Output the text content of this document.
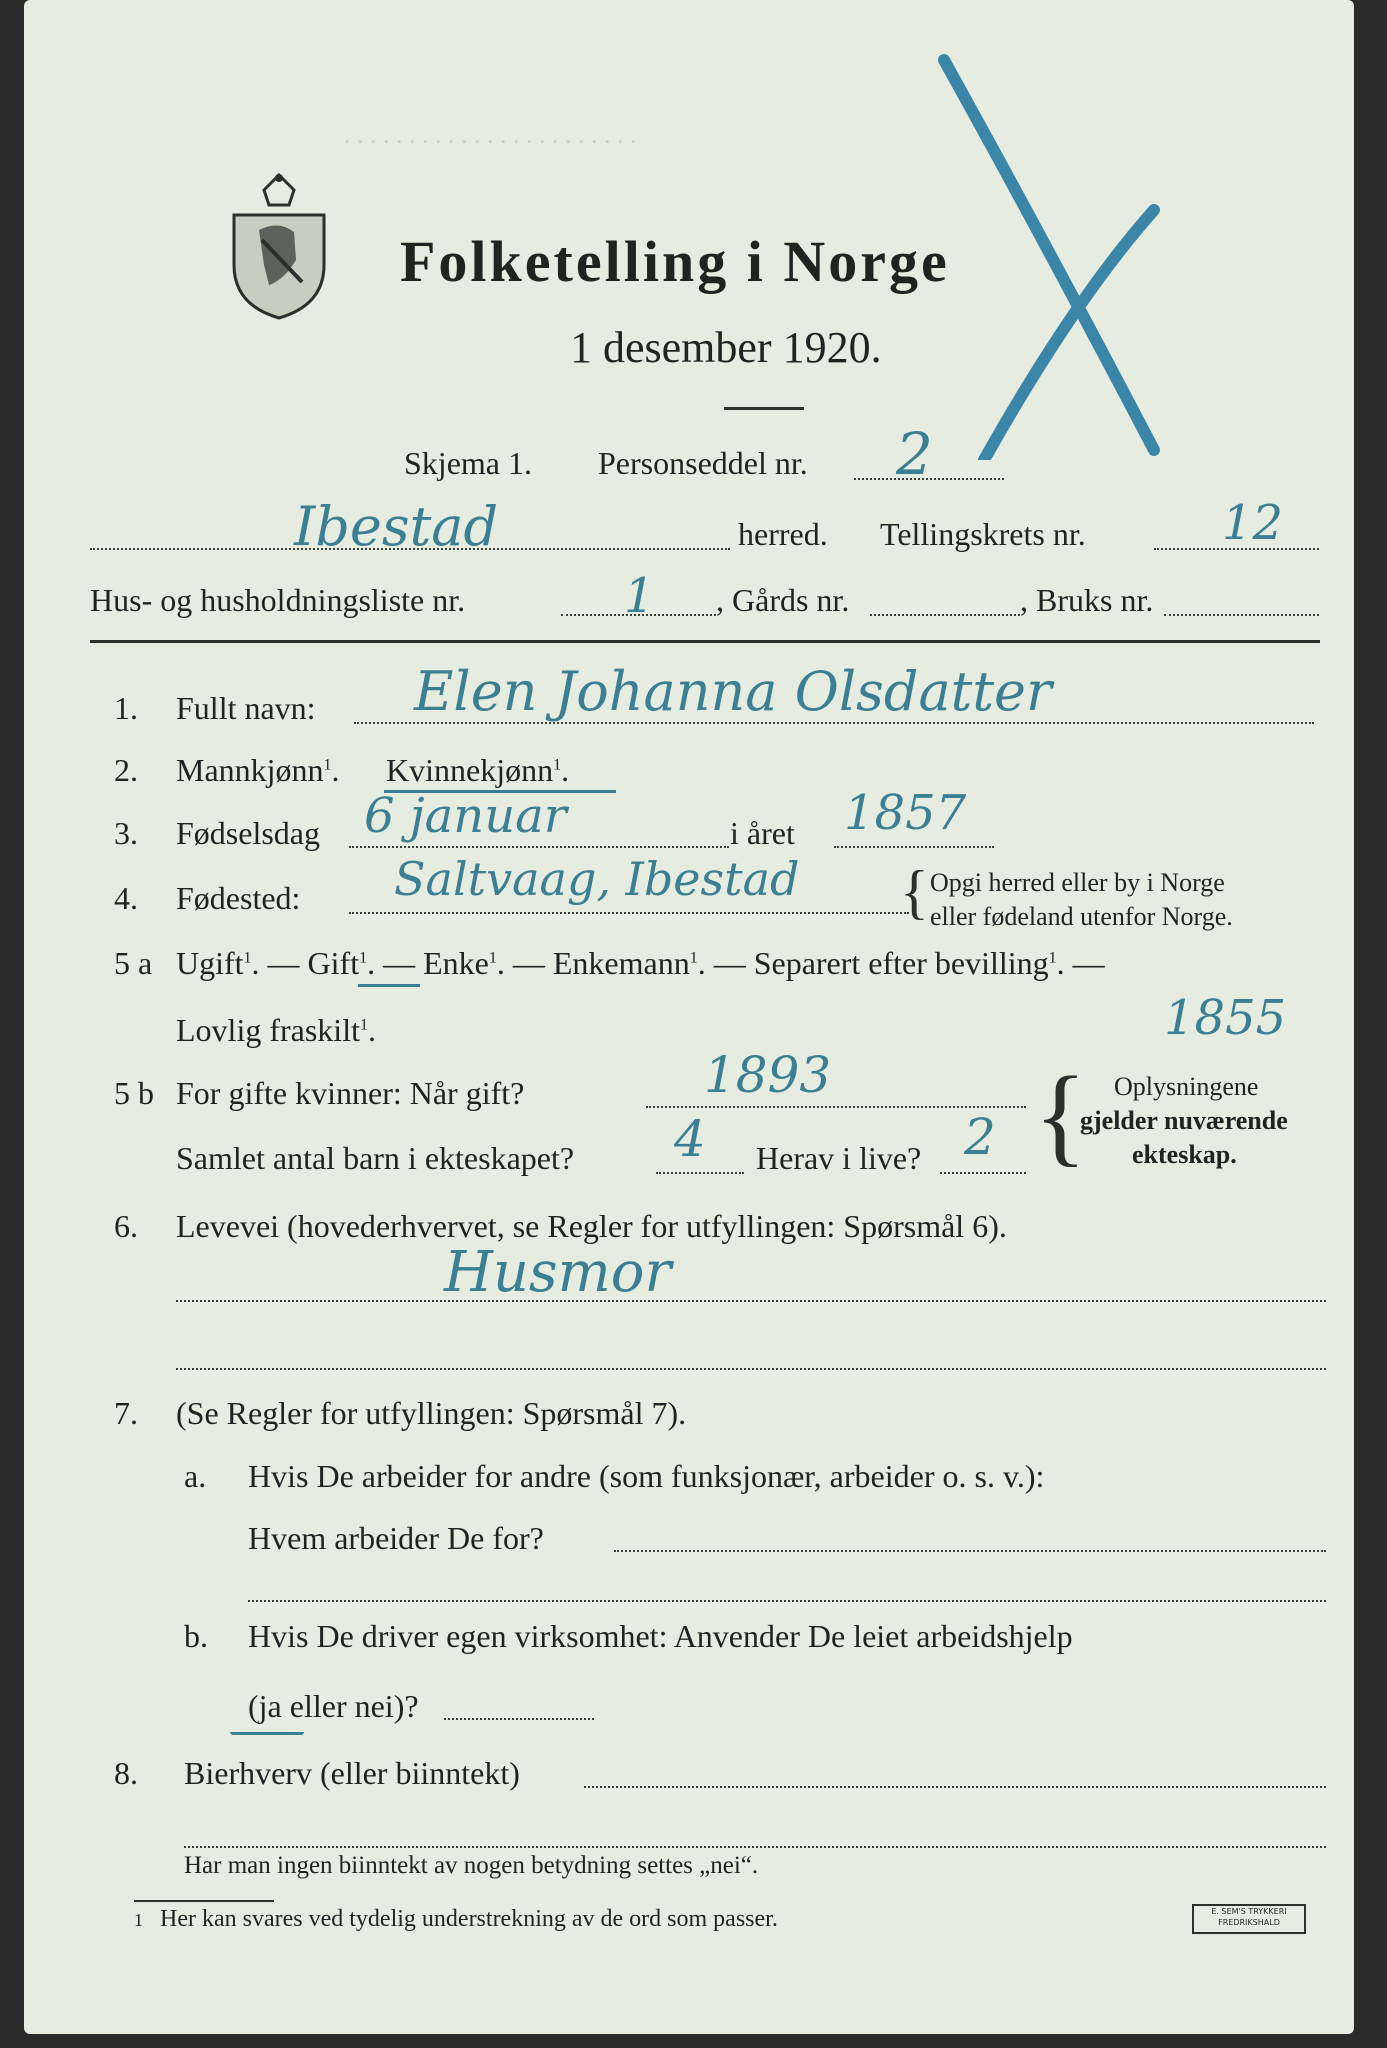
. . . . . . . . . . . . . . . . . . . . . . .
Folketelling i Norge
1 desember 1920.
Skjema 1. Personseddel nr. 2
Ibestad	herred. Tellingskrets nr.	12
Hus- og husholdningsliste nr.	1 , Gårds nr.	, Bruks nr.
1. Fullt navn: Elen Johanna Olsdatter
2. Mannkjønn$^1$. Kvinnekjønn$^1$.
3. Fødselsdag 6 januar	i året 1857
4. Fødested: Saltvaag, Ibestad { Opgi herred eller by i Norge
eller fødeland utenfor Norge.
5 a Ugift$^1$. — Gift$^1$. — Enke$^1$. — Enkemann$^1$. — Separert efter bevilling$^1$. —
Lovlig fraskilt$^1$.	1855
5 b For gifte kvinner: Når gift?	1893
Samlet antal barn i ekteskapet? 4 Herav i live? 2 { Oplysningene
gjelder nuværende
ekteskap.
6. Levevei (hovederhvervet, se Regler for utfyllingen: Spørsmål 6).
Husmor
7. (Se Regler for utfyllingen: Spørsmål 7).
a. Hvis De arbeider for andre (som funksjonær, arbeider o. s. v.):
Hvem arbeider De for?
b. Hvis De driver egen virksomhet: Anvender De leiet arbeidshjelp
(ja eller nei)?
8. Bierhverv (eller biinntekt)
Har man ingen biinntekt av nogen betydning settes „nei“.
1 Her kan svares ved tydelig understrekning av de ord som passer.	E. SEM'S TRYKKERI FREDRIKSHALD
